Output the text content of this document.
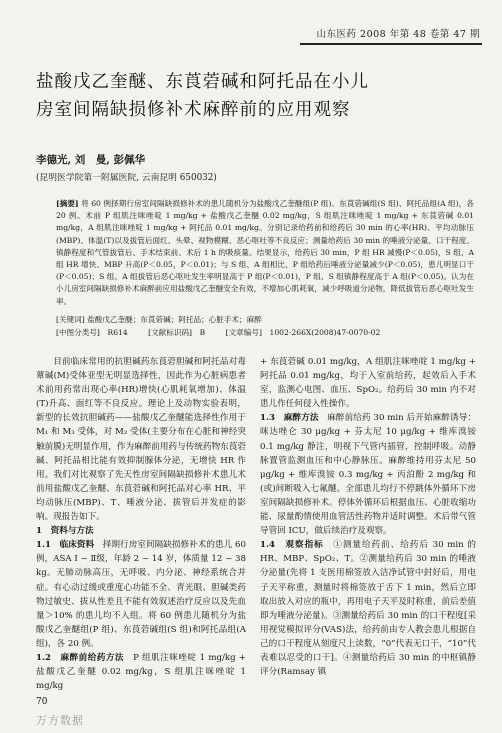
山东医药 2008 年第 48 卷第 47 期
盐酸戊乙奎醚、东莨菪碱和阿托品在小儿
房室间隔缺损修补术麻醉前的应用观察
李德光, 刘　曼, 彭佩华
(昆明医学院第一附属医院, 云南昆明 650032)
[摘要] 将 60 例择期行房室间隔缺损修补术的患儿随机分为盐酸戊乙奎醚组(P 组)、东莨菪碱组(S 组)、阿托品组(A 组)，各 20 例。术前 P 组肌注咪唑啶 1 mg/kg + 盐酸戊乙奎醚 0.02 mg/kg，S 组肌注咪唑啶 1 mg/kg + 东莨菪碱 0.01 mg/kg，A 组肌注咪唑啶 1 mg/kg + 阿托品 0.01 mg/kg。分别记录给药前和给药后 30 min 的心率(HR)、平均动脉压(MBP)、体温(T)以及拔管后面红、头晕、视物模糊、恶心呕吐等不良反应；测量给药后 30 min 的唾液分泌量、口干程度、镇静程度和气管拔管后、手术结束前、术后 1 h 的吸痰量。结果显示，给药后 30 min，P 组 HR 减慢(P＜0.05)，S 组、A 组 HR 增快、MBP 升高(P＜0.05，P＜0.01)；与 S 组、A 组相比，P 组给药后唾液分泌量减少(P＜0.05)，患儿明显口干(P＜0.05)；S 组、A 组拔管后恶心呕吐发生率明显高于 P 组(P＜0.01)，P 组、S 组镇静程度高于 A 组(P＜0.05)。认为在小儿房室间隔缺损修补术麻醉前应用盐酸戊乙奎醚安全有效，不增加心肌耗氧，减少呼吸道分泌物，降低拔管后恶心呕吐发生率。
[关键词] 盐酸戊乙奎醚；东莨菪碱；阿托品；心脏手术；麻醉
[中图分类号]　R614	[文献标识码]　B	[文章编号]　1002-266X(2008)47-0070-02

目前临床常用的抗胆碱药东莨菪胆碱和阿托品对毒蕈碱(M)受体亚型无明显选择性，因此作为心脏病患者术前用药常出现心率(HR)增快(心肌耗氧增加)、体温(T)升高、面红等不良反应。理论上及动物实验表明，新型的长效抗胆碱药——盐酸戊乙奎醚能选择性作用于 M₁ 和 M₃ 受体，对 M₂ 受体(主要分布在心脏和神经突触前膜)无明显作用，作为麻醉前用药与传统药物东莨菪碱、阿托品相比能有效抑制腺体分泌，无增快 HR 作用。我们对比观察了先天性房室间隔缺损修补术患儿术前用盐酸戊乙奎醚、东莨菪碱和阿托品对心率 HR、平均动脉压(MBP)、T、唾液分泌、拔管后并发症的影响。现报告如下。

1　资料与方法

1.1　临床资料　 择期行房室间隔缺损修补术的患儿 60 例，ASA Ⅰ ~ Ⅱ级，年龄 2 ~ 14 岁，体质量 12 ~ 38 kg。无肺动脉高压，无呼吸、内分泌、神经系统合并症。有心动过缓或重度心功能不全、青光眼、胆碱类药物过敏史、拔从性差且不能有效叙述治疗反应以及先血量＞10% 的患儿均不入组。将 60 例患儿随机分为盐酸戊乙奎醚组(P 组)、东莨菪碱组(S 组)和阿托品组(A 组)，各 20 例。

1.2　麻醉前给药方法　 P 组肌注咪唑啶 1 mg/kg + 盐酸戊乙奎醚 0.02 mg/kg，S 组肌注咪唑啶 1 mg/kg

+ 东莨菪碱 0.01 mg/kg，A 组肌注咪唑啶 1 mg/kg + 阿托品 0.01 mg/kg，均于入室前给药，起效后入手术室，监测心电图、血压、SpO₂。给药后 30 min 内不对患儿作任何侵入性操作。

1.3　麻醉方法　 麻醉前给药 30 min 后开始麻醉诱导：咪达唑仑 30 μg/kg + 芬太尼 10 μg/kg + 维库溴铵 0.1 mg/kg 静注，明视下气管内插管，控制呼吸。动静脉置管监测血压和中心静脉压。麻醉维持用芬太尼 50 μg/kg + 维库溴铵 0.3 mg/kg + 丙泊酚 2 mg/kg 和(或)间断吸入七氟醚。全部患儿均行不停跳体外循环下房室间隔缺损修补术。停体外循环后根据血压、心脏收缩功能、尿量酌情使用血管活性药物并适时调整。术后带气管导管回 ICU，做后续治疗及观察。

1.4　观察指标　 ①测量给药前、给药后 30 min 的 HR、MBP、SpO₂、T。②测量给药后 30 min 的唾液分泌量(先将 1 支医用棉签放入洁净试管中封好后，用电子天平称重，测量时将棉签放于舌下 1 min，然后立即取出放入对应的瓶中，再用电子天平及时称重，前后差值即为唾液分泌量)。③测量给药后 30 min 的口干程度[采用视觉模拟评分(VAS)法，给药前由专人教会患儿根据自己的口干程度从刻度尺上读数，“0”代表无口干，“10”代表难以忍受的口干]。④测量给药后 30 min 的中枢镇静评分(Ramsay 镇

70
万方数据
